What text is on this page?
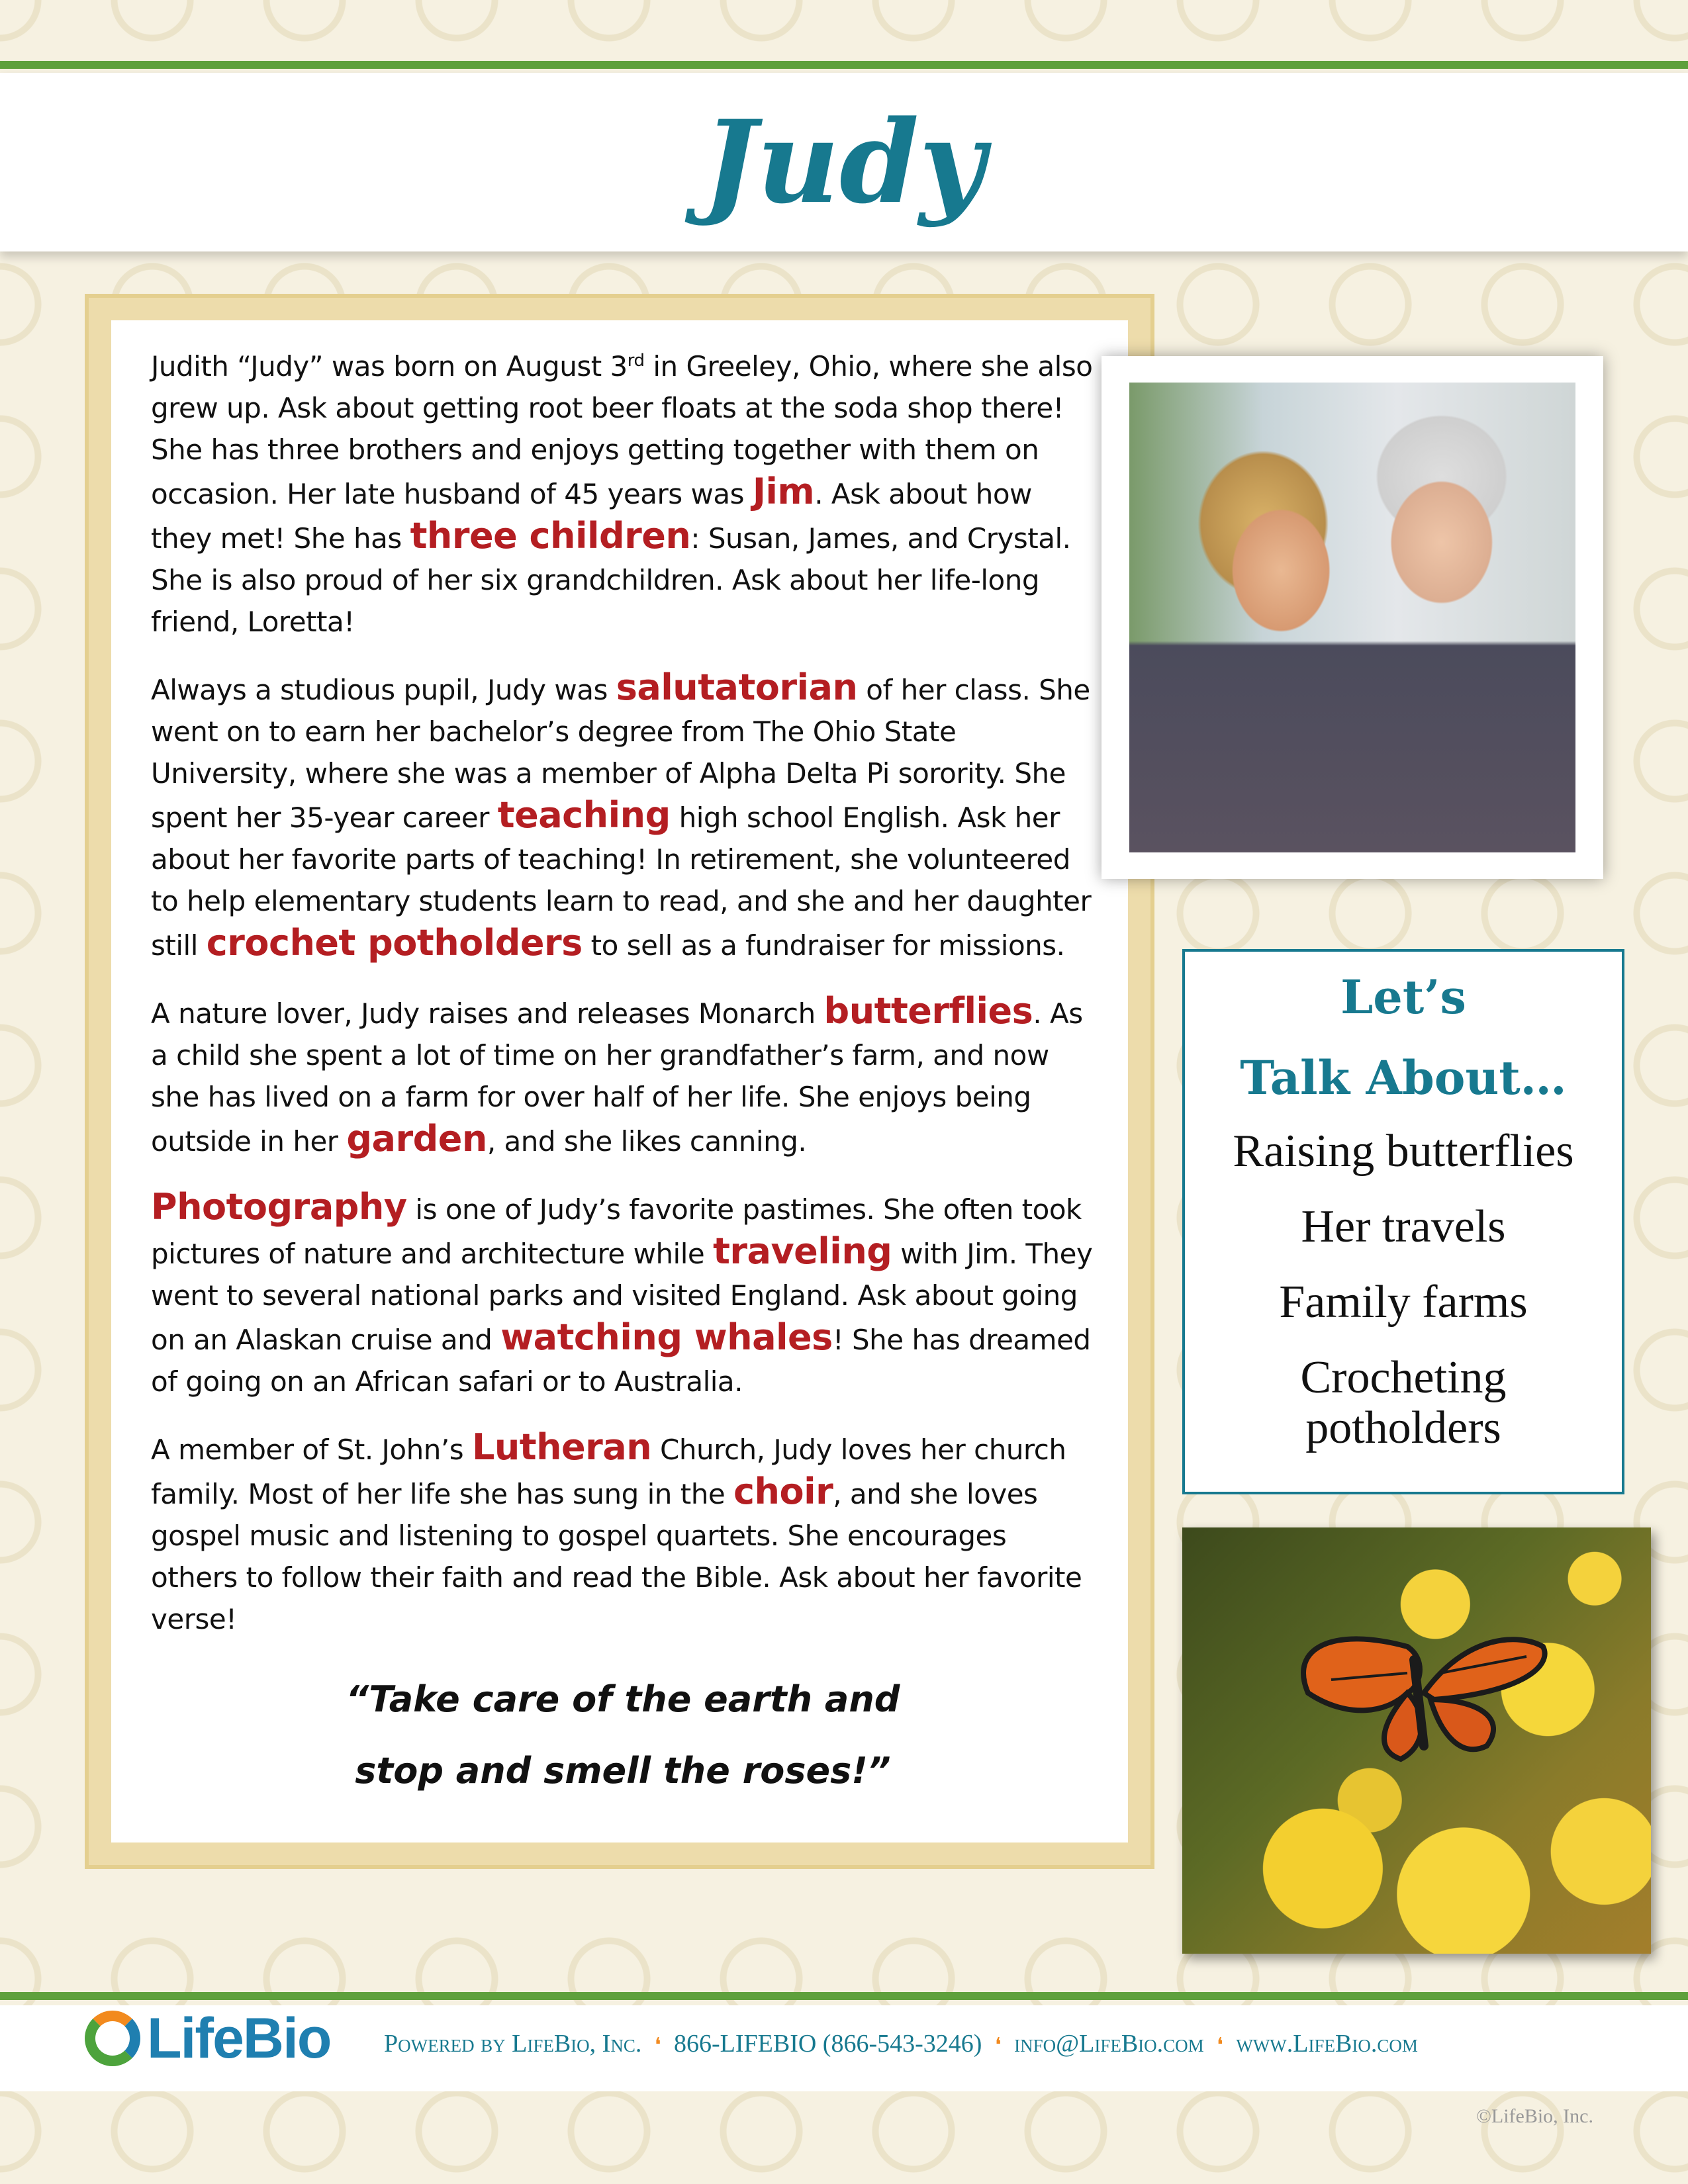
Judy

Judith “Judy” was born on August 3rd in Greeley, Ohio, where she also grew up. Ask about getting root beer floats at the soda shop there! She has three brothers and enjoys getting together with them on occasion. Her late husband of 45 years was Jim. Ask about how they met! She has three children: Susan, James, and Crystal. She is also proud of her six grandchildren. Ask about her life-long friend, Loretta!

Always a studious pupil, Judy was salutatorian of her class. She went on to earn her bachelor’s degree from The Ohio State University, where she was a member of Alpha Delta Pi sorority. She spent her 35-year career teaching high school English. Ask her about her favorite parts of teaching! In retirement, she volunteered to help elementary students learn to read, and she and her daughter still crochet potholders to sell as a fundraiser for missions.

A nature lover, Judy raises and releases Monarch butterflies. As a child she spent a lot of time on her grandfather’s farm, and now she has lived on a farm for over half of her life. She enjoys being outside in her garden, and she likes canning.

Photography is one of Judy’s favorite pastimes. She often took pictures of nature and architecture while traveling with Jim. They went to several national parks and visited England. Ask about going on an Alaskan cruise and watching whales! She has dreamed of going on an African safari or to Australia.

A member of St. John’s Lutheran Church, Judy loves her church family. Most of her life she has sung in the choir, and she loves gospel music and listening to gospel quartets. She encourages others to follow their faith and read the Bible. Ask about her favorite verse!

“Take care of the earth and
stop and smell the roses!”

Let’s
Talk About…

Raising butterflies

Her travels

Family farms

Crocheting

potholders

LifeBio Powered by LifeBio, Inc. ❛ 866-LIFEBIO (866-543-3246) ❛ info@LifeBio.com ❛ www.LifeBio.com
©LifeBio, Inc.
